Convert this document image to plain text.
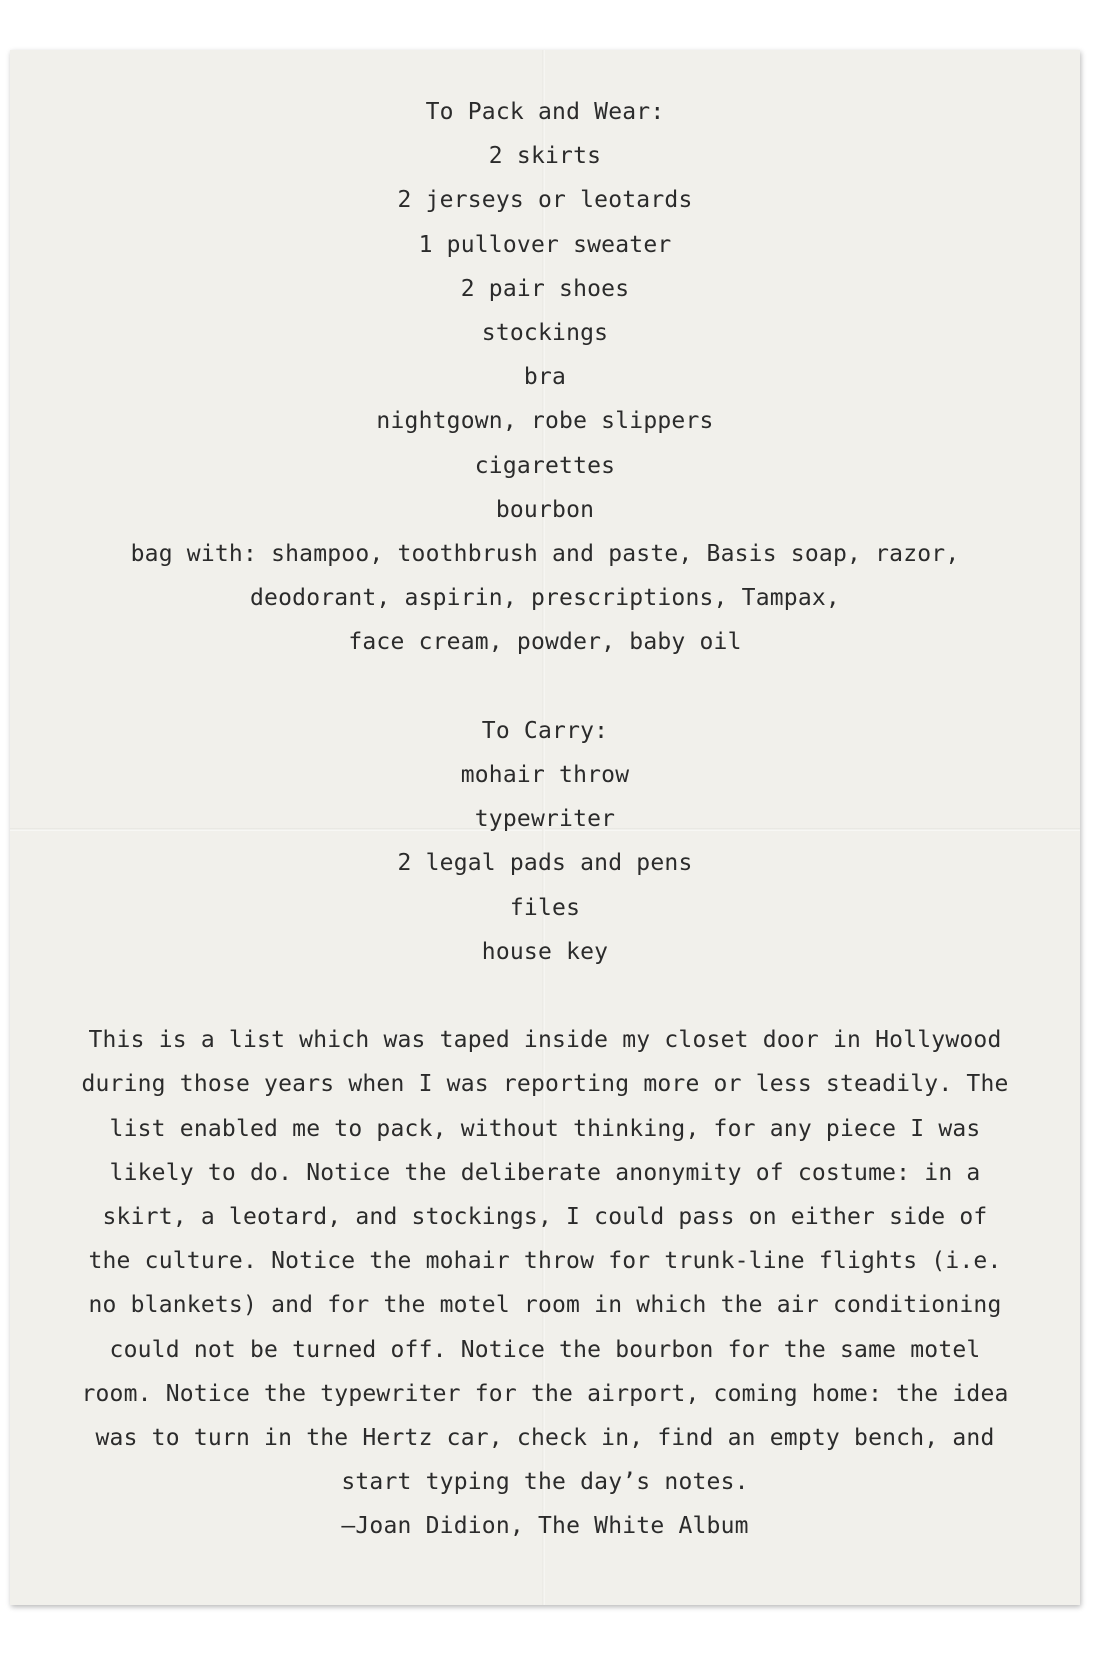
To Pack and Wear:
2 skirts
2 jerseys or leotards
1 pullover sweater
2 pair shoes
stockings
bra
nightgown, robe slippers
cigarettes
bourbon
bag with: shampoo, toothbrush and paste, Basis soap, razor,
deodorant, aspirin, prescriptions, Tampax,
face cream, powder, baby oil
To Carry:
mohair throw
typewriter
2 legal pads and pens
files
house key
This is a list which was taped inside my closet door in Hollywood
during those years when I was reporting more or less steadily. The
list enabled me to pack, without thinking, for any piece I was
likely to do. Notice the deliberate anonymity of costume: in a
skirt, a leotard, and stockings, I could pass on either side of
the culture. Notice the mohair throw for trunk-line flights (i.e.
no blankets) and for the motel room in which the air conditioning
could not be turned off. Notice the bourbon for the same motel
room. Notice the typewriter for the airport, coming home: the idea
was to turn in the Hertz car, check in, find an empty bench, and
start typing the day’s notes.
–Joan Didion, The White Album
